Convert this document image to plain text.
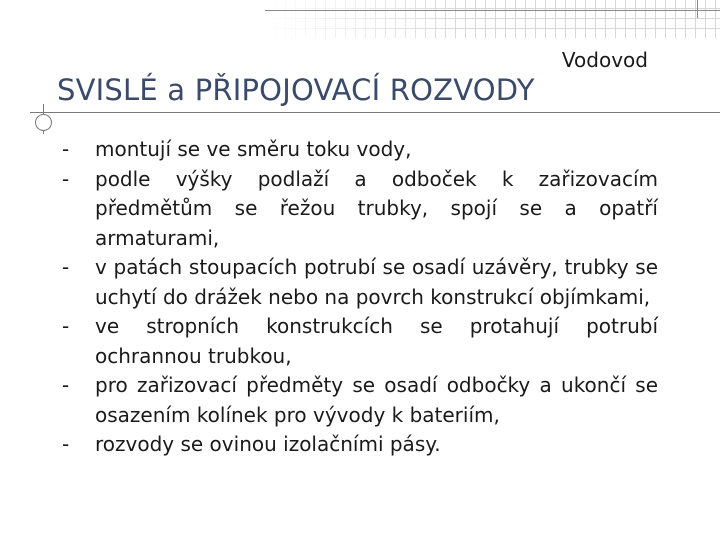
Vodovod
SVISLÉ a PŘIPOJOVACÍ ROZVODY
-	montují se ve směru toku vody,
-	podle výšky podlaží a odboček k zařizovacím předmětům se řežou trubky, spojí se a opatří armaturami,
-	v patách stoupacích potrubí se osadí uzávěry, trubky se uchytí do drážek nebo na povrch konstrukcí objímkami,
-	ve stropních konstrukcích se protahují potrubí ochrannou trubkou,
-	pro zařizovací předměty se osadí odbočky a ukončí se osazením kolínek pro vývody k bateriím,
-	rozvody se ovinou izolačními pásy.
